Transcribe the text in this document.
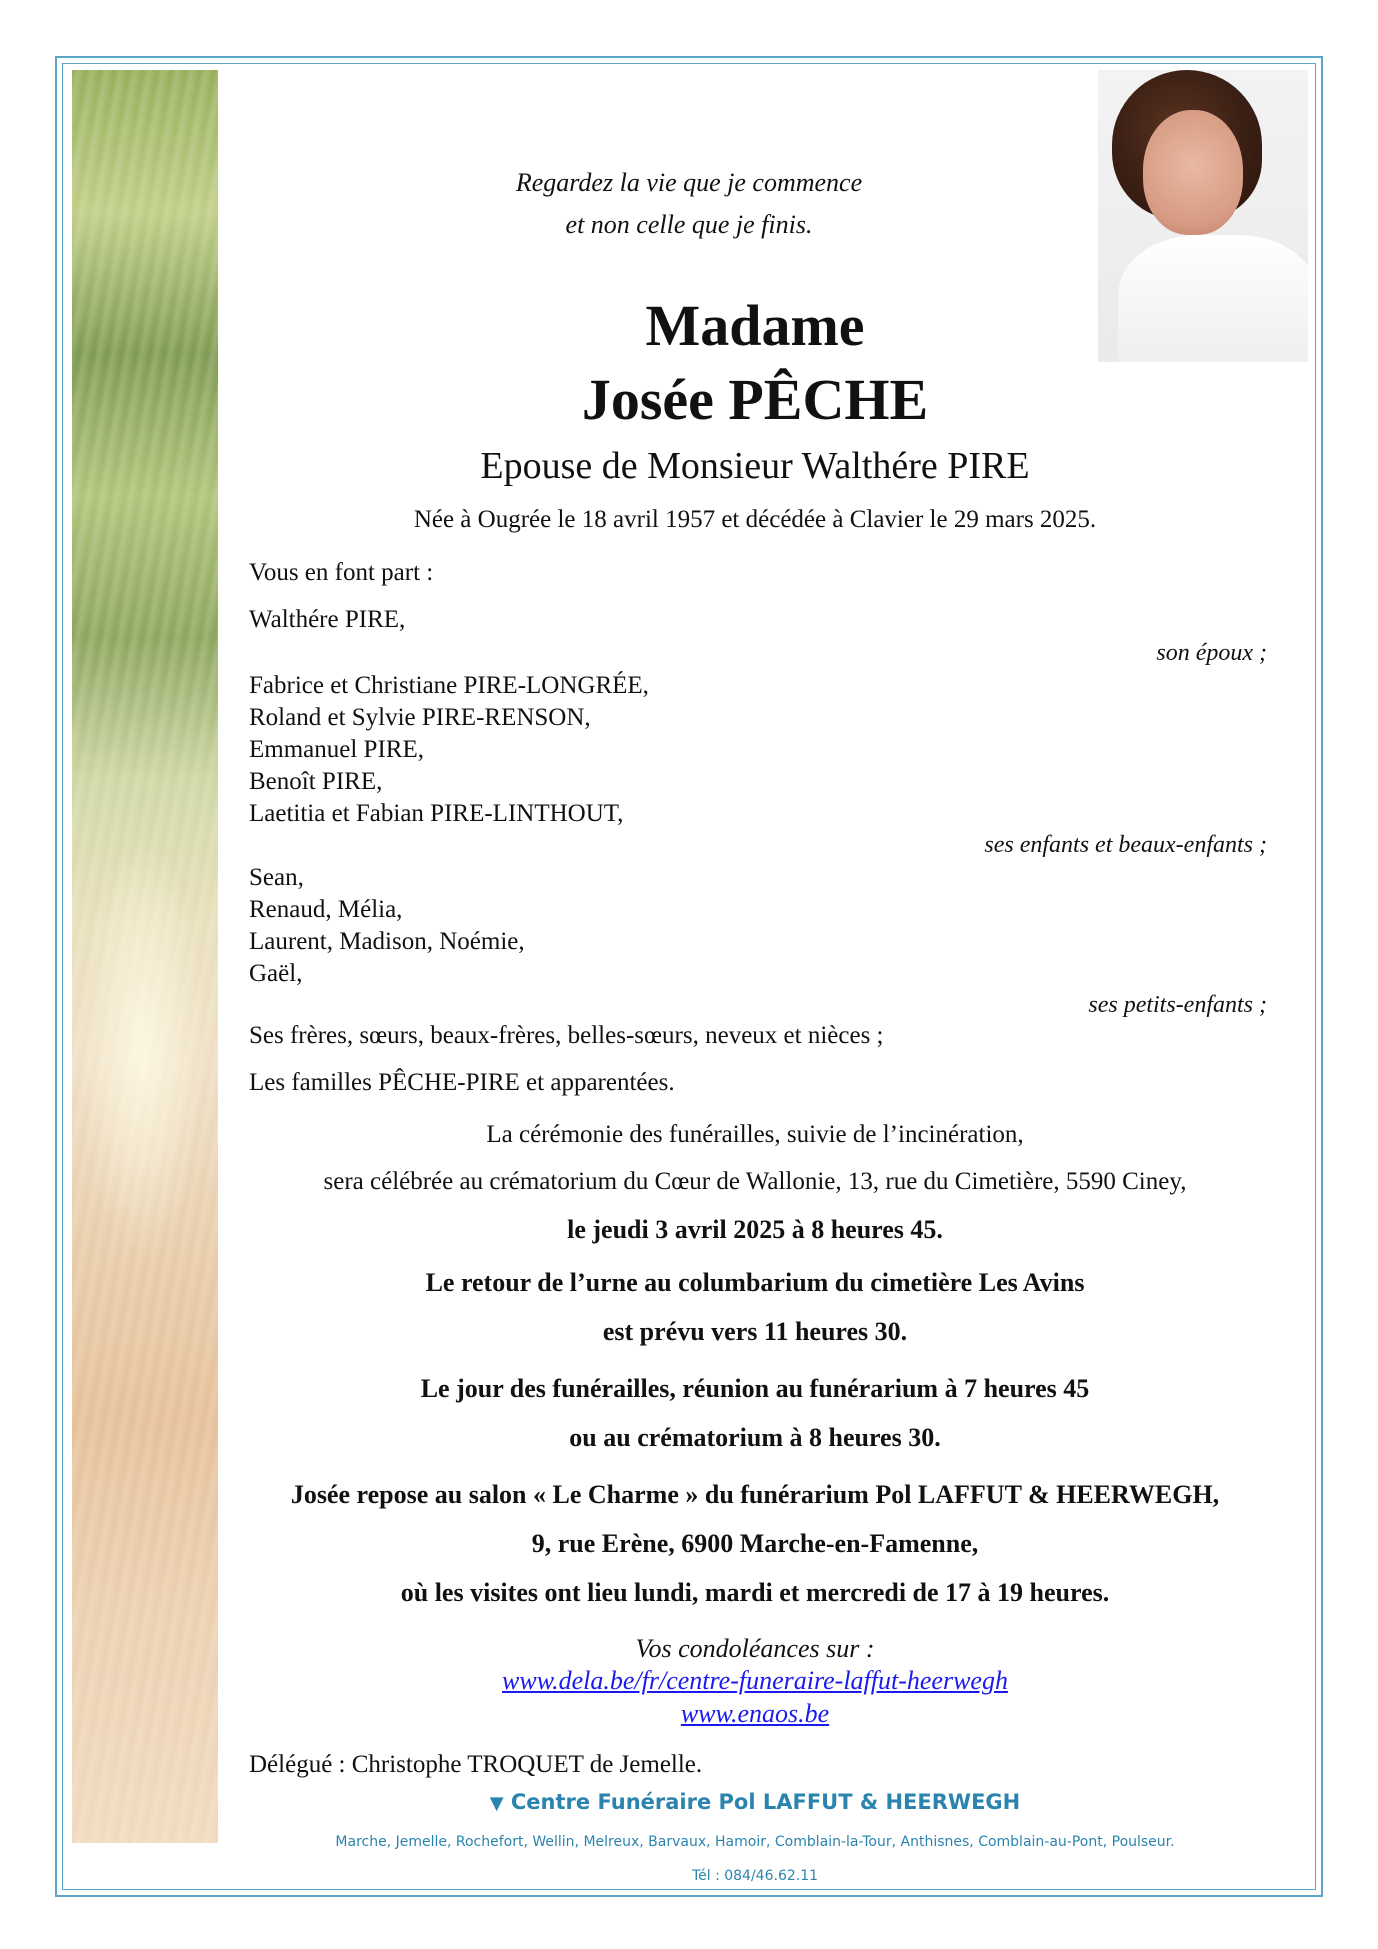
Regardez la vie que je commence
et non celle que je finis.
Madame
Josée PÊCHE
Epouse de Monsieur Walthére PIRE
Née à Ougrée le 18 avril 1957 et décédée à Clavier le 29 mars 2025.
Vous en font part :
Walthére PIRE,
son époux ;
Fabrice et Christiane PIRE-LONGRÉE,
Roland et Sylvie PIRE-RENSON,
Emmanuel PIRE,
Benoît PIRE,
Laetitia et Fabian PIRE-LINTHOUT,
ses enfants et beaux-enfants ;
Sean,
Renaud, Mélia,
Laurent, Madison, Noémie,
Gaël,
ses petits-enfants ;
Ses frères, sœurs, beaux-frères, belles-sœurs, neveux et nièces ;
Les familles PÊCHE-PIRE et apparentées.
La cérémonie des funérailles, suivie de l’incinération,
sera célébrée au crématorium du Cœur de Wallonie, 13, rue du Cimetière, 5590 Ciney,
le jeudi 3 avril 2025 à 8 heures 45.
Le retour de l’urne au columbarium du cimetière Les Avins
est prévu vers 11 heures 30.
Le jour des funérailles, réunion au funérarium à 7 heures 45
ou au crématorium à 8 heures 30.
Josée repose au salon « Le Charme » du funérarium Pol LAFFUT & HEERWEGH,
9, rue Erène, 6900 Marche-en-Famenne,
où les visites ont lieu lundi, mardi et mercredi de 17 à 19 heures.
Vos condoléances sur :
www.dela.be/fr/centre-funeraire-laffut-heerwegh
www.enaos.be
Délégué : Christophe TROQUET de Jemelle.
▼ Centre Funéraire Pol LAFFUT & HEERWEGH
Marche, Jemelle, Rochefort, Wellin, Melreux, Barvaux, Hamoir, Comblain-la-Tour, Anthisnes, Comblain-au-Pont, Poulseur.
Tél : 084/46.62.11
